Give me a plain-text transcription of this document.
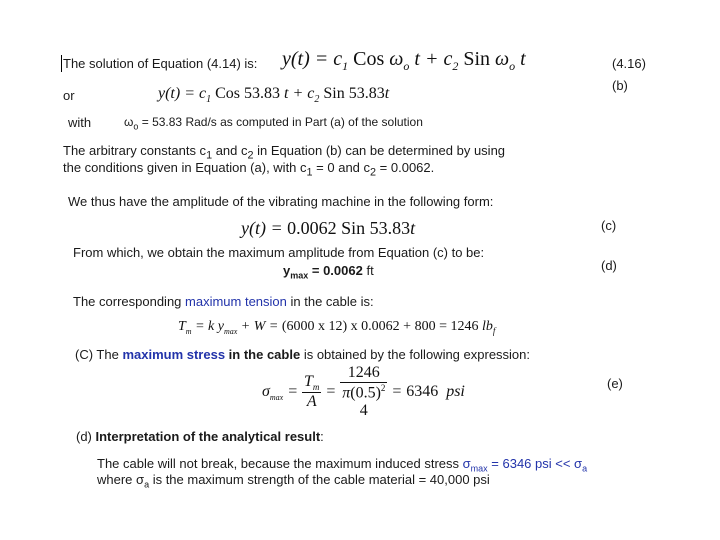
The solution of Equation (4.14) is: $y(t) = c_1$ Cos $\omega_o$ $t + c_2$ Sin $\omega_o$ t	(4.16)
or	$y(t) = c_1$ Cos 53.83 $t + c_2$ Sin 53.83t	(b)
with	$\omega_o = 53.83$ Rad/s as computed in Part (a) of the solution
The arbitrary constants $c_1$ and $c_2$ in Equation (b) can be determined by using
the conditions given in Equation (a), with $c_1 = 0$ and $c_2 = 0.0062$.
We thus have the amplitude of the vibrating machine in the following form:
y(t) = 0.0062 Sin 53.83t	(c)
From which, we obtain the maximum amplitude from Equation (c) to be:
$y_{max} = 0.0062$ ft	(d)
The corresponding maximum tension in the cable is:
$T_m = k$ $y_{max} + W = (6000$ x 12) x 0.0062 + 800 = 1246 $lb_f$
(C) The maximum stress in the cable is obtained by the following expression:
$\sigma_{max} = \frac{T_m}{A}$ =
1246
$\pi(0.5)^2$
4
= 6346  psi	(e)
(d) Interpretation of the analytical result:
The cable will not break, because the maximum induced stress $\sigma_{max} = 6346$ psi << $\sigma_a$
where $\sigma_a$ is the maximum strength of the cable material = 40,000 psi
